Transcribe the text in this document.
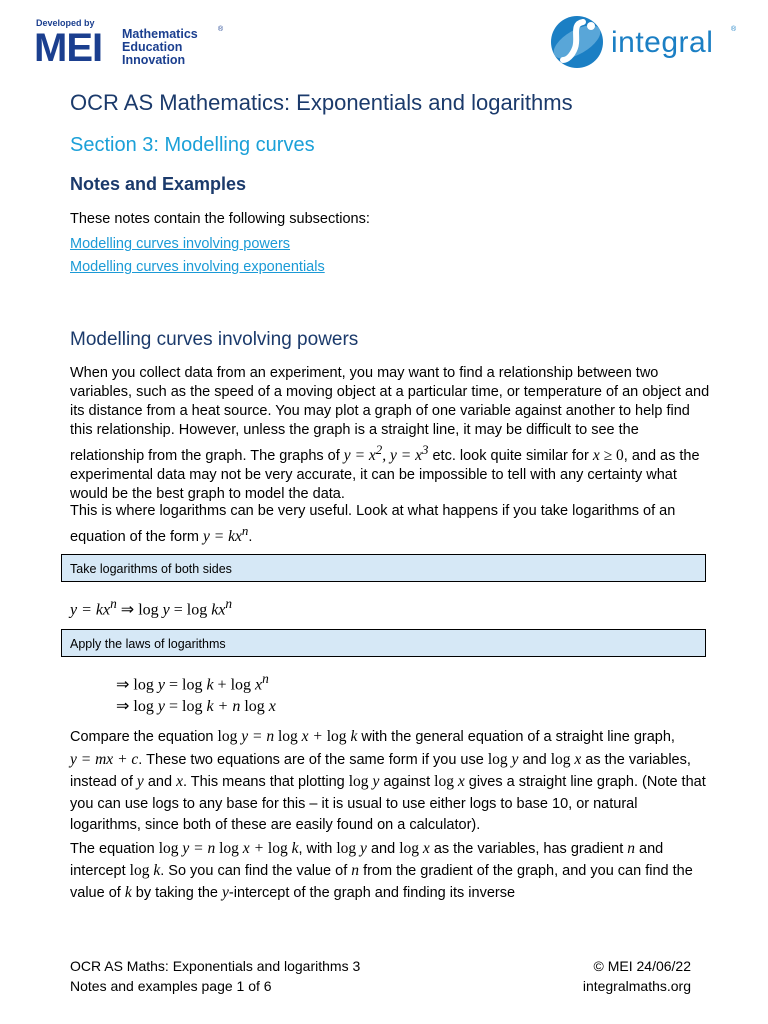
Developed by
MEI Mathematics
Education
Innovation
®	integral	®
OCR AS Mathematics: Exponentials and logarithms
Section 3: Modelling curves
Notes and Examples
These notes contain the following subsections:
Modelling curves involving powers
Modelling curves involving exponentials
Modelling curves involving powers
When you collect data from an experiment, you may want to find a relationship between two variables, such as the speed of a moving object at a particular time, or temperature of an object and its distance from a heat source. You may plot a graph of one variable against another to help find this relationship. However, unless the graph is a straight line, it may be difficult to see the relationship from the graph. The graphs of $y = x^2$, $y = x^3$ etc. look quite similar for x ≥ 0, and as the experimental data may not be very accurate, it can be impossible to tell with any certainty what would be the best graph to model the data.
This is where logarithms can be very useful. Look at what happens if you take logarithms of an equation of the form $y = kx^n$.
Take logarithms of both sides
$y = kx^n$ ⇒ $\log y = \log kx^n$
Apply the laws of logarithms
⇒ $\log y = \log k + \log x^n$
⇒ log y = log k + n log x
Compare the equation log y = n log x + log k with the general equation of a straight line graph, y = mx + c. These two equations are of the same form if you use log y and log x as the variables, instead of y and x. This means that plotting log y against log x gives a straight line graph. (Note that you can use logs to any base for this – it is usual to use either logs to base 10, or natural logarithms, since both of these are easily found on a calculator).
The equation log y = n log x + log k, with log y and log x as the variables, has gradient n and intercept log k. So you can find the value of n from the gradient of the graph, and you can find the value of k by taking the y-intercept of the graph and finding its inverse
OCR AS Maths: Exponentials and logarithms 3
Notes and examples page 1 of 6
© MEI 24/06/22
integralmaths.org
